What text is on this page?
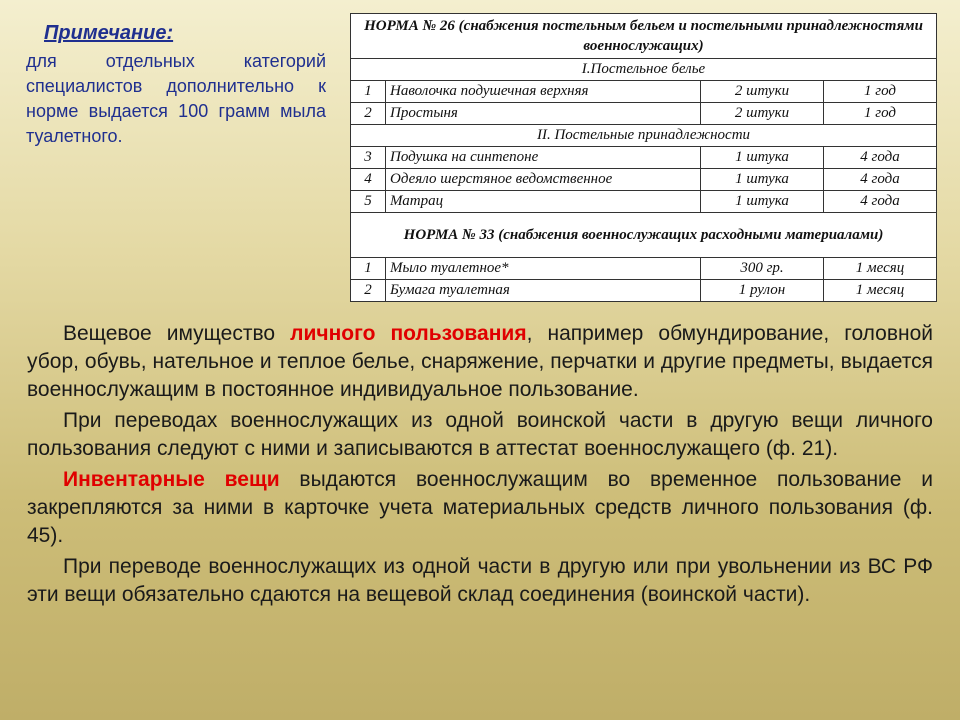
Примечание:
для отдельных категорий специалистов дополнительно к норме выдается 100 грамм мыла туалетного.
НОРМА № 26 (снабжения постельным бельем и постельными принадлежностями военнослужащих)			
I.Постельное белье			
1	Наволочка подушечная верхняя	2 штуки	1 год
2	Простыня	2 штуки	1 год
II. Постельные принадлежности			
3	Подушка на синтепоне	1 штука	4 года
4	Одеяло шерстяное ведомственное	1 штука	4 года
5	Матрац	1 штука	4 года
НОРМА № 33 (снабжения военнослужащих расходными материалами)			
1	Мыло туалетное*	300 гр.	1 месяц
2	Бумага туалетная	1 рулон	1 месяц

Вещевое имущество личного пользования, например обмундирование, головной убор, обувь, нательное и теплое белье, снаряжение, перчатки и другие предметы, выдается военнослужащим в постоянное индивидуальное пользование.

При переводах военнослужащих из одной воинской части в другую вещи личного пользования следуют с ними и записываются в аттестат военнослужащего (ф. 21).

Инвентарные вещи выдаются военнослужащим во временное пользование и закрепляются за ними в карточке учета материальных средств личного пользования (ф. 45).

При переводе военнослужащих из одной части в другую или при увольнении из ВС РФ эти вещи обязательно сдаются на вещевой склад соединения (воинской части).
